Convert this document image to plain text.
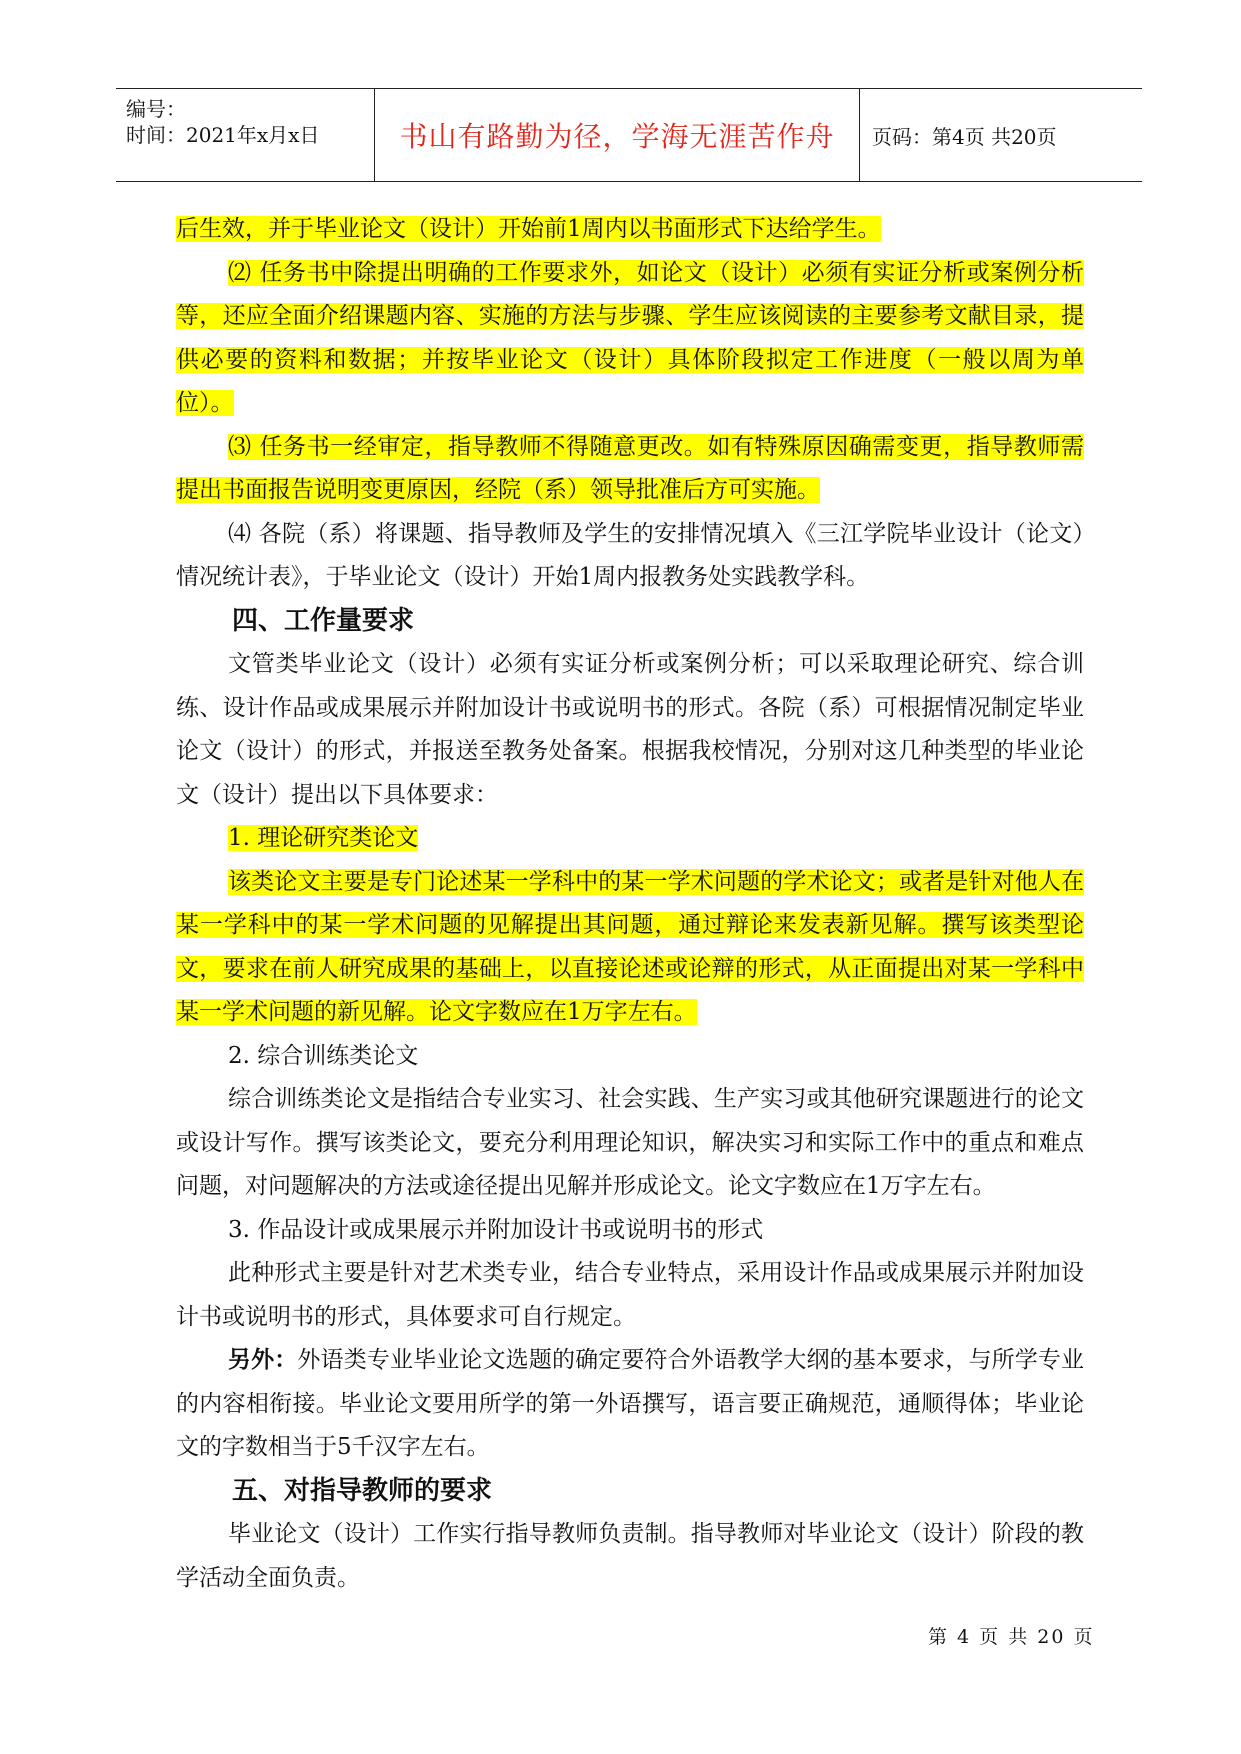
编号：
时间：2021年x月x日	书山有路勤为径，学海无涯苦作舟 页码：第4页 共20页

后生效，并于毕业论文（设计）开始前1周内以书面形式下达给学生。

⑵ 任务书中除提出明确的工作要求外，如论文（设计）必须有实证分析或案例分析等，还应全面介绍课题内容、实施的方法与步骤、学生应该阅读的主要参考文献目录，提供必要的资料和数据；并按毕业论文（设计）具体阶段拟定工作进度（一般以周为单位）。

⑶ 任务书一经审定，指导教师不得随意更改。如有特殊原因确需变更，指导教师需提出书面报告说明变更原因，经院（系）领导批准后方可实施。

⑷ 各院（系）将课题、指导教师及学生的安排情况填入《三江学院毕业设计（论文）情况统计表》，于毕业论文（设计）开始1周内报教务处实践教学科。

四、工作量要求

文管类毕业论文（设计）必须有实证分析或案例分析；可以采取理论研究、综合训练、设计作品或成果展示并附加设计书或说明书的形式。各院（系）可根据情况制定毕业论文（设计）的形式，并报送至教务处备案。根据我校情况，分别对这几种类型的毕业论文（设计）提出以下具体要求：

1. 理论研究类论文

该类论文主要是专门论述某一学科中的某一学术问题的学术论文；或者是针对他人在某一学科中的某一学术问题的见解提出其问题，通过辩论来发表新见解。撰写该类型论文，要求在前人研究成果的基础上，以直接论述或论辩的形式，从正面提出对某一学科中某一学术问题的新见解。论文字数应在1万字左右。

2. 综合训练类论文

综合训练类论文是指结合专业实习、社会实践、生产实习或其他研究课题进行的论文或设计写作。撰写该类论文，要充分利用理论知识，解决实习和实际工作中的重点和难点问题，对问题解决的方法或途径提出见解并形成论文。论文字数应在1万字左右。

3. 作品设计或成果展示并附加设计书或说明书的形式

此种形式主要是针对艺术类专业，结合专业特点，采用设计作品或成果展示并附加设计书或说明书的形式，具体要求可自行规定。

另外：外语类专业毕业论文选题的确定要符合外语教学大纲的基本要求，与所学专业的内容相衔接。毕业论文要用所学的第一外语撰写，语言要正确规范，通顺得体；毕业论文的字数相当于5千汉字左右。

五、对指导教师的要求

毕业论文（设计）工作实行指导教师负责制。指导教师对毕业论文（设计）阶段的教学活动全面负责。

第 4 页 共 20 页
